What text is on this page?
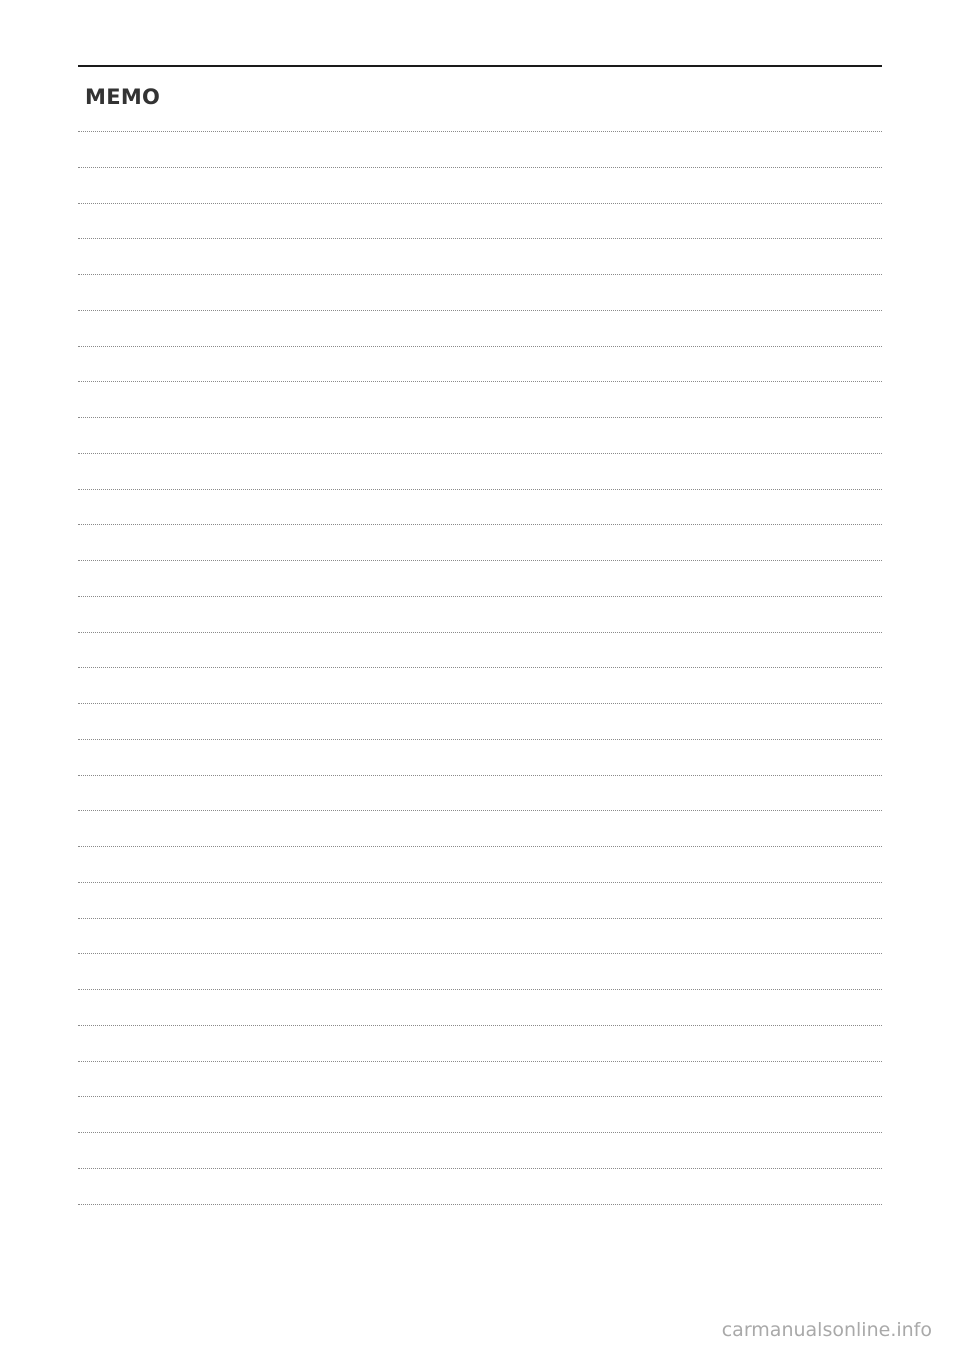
MEMO
carmanualsonline.info
